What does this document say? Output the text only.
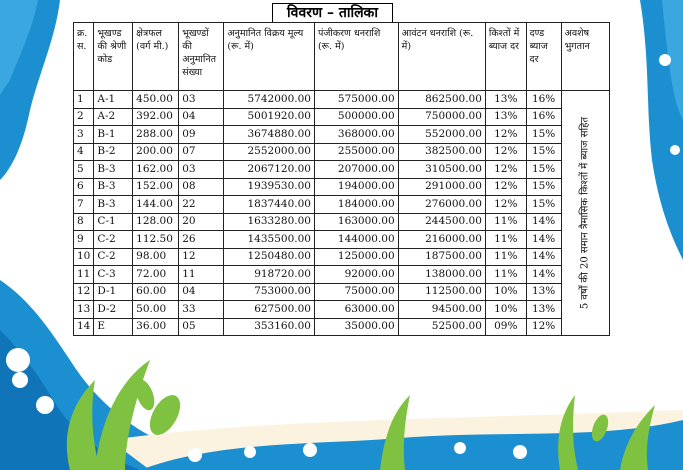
विवरण – तालिका
क्र. स.	भूखण्ड की श्रेणी कोड	क्षेत्रफल (वर्ग मी.)	भूखण्डों की अनुमानित संख्या	अनुमानित विक्रय मूल्य (रू. में)	पंजीकरण धनराशि (रू. में)	आवंटन धनराशि (रू. में)	किश्तों में ब्याज दर	दण्ड ब्याज दर	अवशेष भुगतान
1	A-1	450.00	03	5742000.00	575000.00	862500.00	13%	16%	5 वर्षों की 20 समान त्रैमासिक किश्तों में ब्याज सहित

2	A-2	392.00	04	5001920.00	500000.00	750000.00	13%	16%	
3	B-1	288.00	09	3674880.00	368000.00	552000.00	12%	15%	
4	B-2	200.00	07	2552000.00	255000.00	382500.00	12%	15%	
5	B-3	162.00	03	2067120.00	207000.00	310500.00	12%	15%	
6	B-3	152.00	08	1939530.00	194000.00	291000.00	12%	15%	
7	B-3	144.00	22	1837440.00	184000.00	276000.00	12%	15%	
8	C-1	128.00	20	1633280.00	163000.00	244500.00	11%	14%	
9	C-2	112.50	26	1435500.00	144000.00	216000.00	11%	14%	
10	C-2	98.00	12	1250480.00	125000.00	187500.00	11%	14%	
11	C-3	72.00	11	918720.00	92000.00	138000.00	11%	14%	
12	D-1	60.00	04	753000.00	75000.00	112500.00	10%	13%	
13	D-2	50.00	33	627500.00	63000.00	94500.00	10%	13%	
14	E	36.00	05	353160.00	35000.00	52500.00	09%	12%	
